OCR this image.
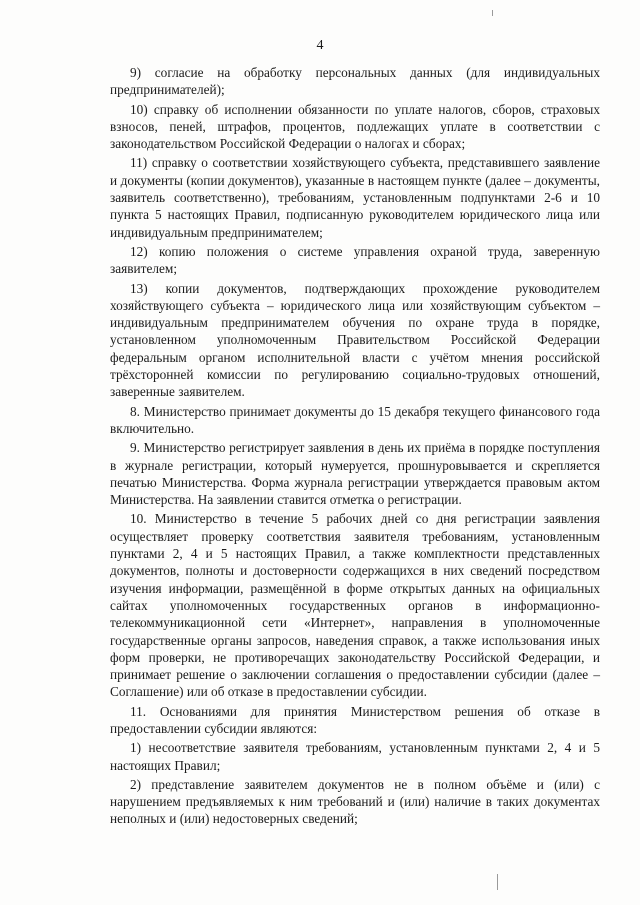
4

9) согласие на обработку персональных данных (для индивидуальных предпринимателей);

10) справку об исполнении обязанности по уплате налогов, сборов, страховых взносов, пеней, штрафов, процентов, подлежащих уплате в соответствии с законодательством Российской Федерации о налогах и сборах;

11) справку о соответствии хозяйствующего субъекта, представившего заявление и документы (копии документов), указанные в настоящем пункте (далее – документы, заявитель соответственно), требованиям, установленным подпунктами 2-6 и 10 пункта 5 настоящих Правил, подписанную руководителем юридического лица или индивидуальным предпринимателем;

12) копию положения о системе управления охраной труда, заверенную заявителем;

13) копии документов, подтверждающих прохождение руководителем хозяйствующего субъекта – юридического лица или хозяйствующим субъектом – индивидуальным предпринимателем обучения по охране труда в порядке, установленном уполномоченным Правительством Российской Федерации федеральным органом исполнительной власти с учётом мнения российской трёхсторонней комиссии по регулированию социально-трудовых отношений, заверенные заявителем.

8. Министерство принимает документы до 15 декабря текущего финансового года включительно.

9. Министерство регистрирует заявления в день их приёма в порядке поступления в журнале регистрации, который нумеруется, прошнуровывается и скрепляется печатью Министерства. Форма журнала регистрации утверждается правовым актом Министерства. На заявлении ставится отметка о регистрации.

10. Министерство в течение 5 рабочих дней со дня регистрации заявления осуществляет проверку соответствия заявителя требованиям, установленным пунктами 2, 4 и 5 настоящих Правил, а также комплектности представленных документов, полноты и достоверности содержащихся в них сведений посредством изучения информации, размещённой в форме открытых данных на официальных сайтах уполномоченных государственных органов в информационно-телекоммуникационной сети «Интернет», направления в уполномоченные государственные органы запросов, наведения справок, а также использования иных форм проверки, не противоречащих законодательству Российской Федерации, и принимает решение о заключении соглашения о предоставлении субсидии (далее – Соглашение) или об отказе в предоставлении субсидии.

11. Основаниями для принятия Министерством решения об отказе в предоставлении субсидии являются:

1) несоответствие заявителя требованиям, установленным пунктами 2, 4 и 5 настоящих Правил;

2) представление заявителем документов не в полном объёме и (или) с нарушением предъявляемых к ним требований и (или) наличие в таких документах неполных и (или) недостоверных сведений;
